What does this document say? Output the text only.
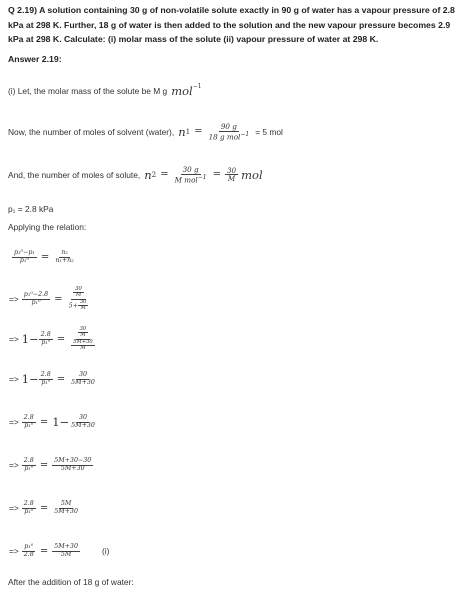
Q 2.19) A solution containing 30 g of non-volatile solute exactly in 90 g of water has a vapour pressure of 2.8 kPa at 298 K. Further, 18 g of water is then added to the solution and the new vapour pressure becomes 2.9 kPa at 298 K. Calculate: (i) molar mass of the solute (ii) vapour pressure of water at 298 K.
Answer 2.19:
(i) Let, the molar mass of the solute be M g mol$^{-1}$
Now, the number of moles of solvent (water), n $1 = \frac{90 g}{18 g mol^{-1}} = 5$ mol
And, the number of moles of solute, n $2 = \frac{30 g}{M mol^{-1}} = \frac{30}{M}$ mol
p₁ = 2.8 kPa
Applying the relation:
$\frac{\text{p₁⁰−p₁}}{\text{p₁⁰}} = \frac{\text{n₂}}{\text{n₁+n₂}}$
=> $\frac{\text{p₁⁰−2.8}}{\text{p₁⁰}} = \frac{\frac{30}{M}}{5+ \frac{30}{M}}$
=> $1- \frac{2.8}{\text{p₁⁰}} = \frac{\frac{30}{M}}{\frac{5M+30}{M}}$
=> $1- \frac{2.8}{\text{p₁⁰}} = \frac{30}{5M+30}$
=> $\frac{2.8}{\text{p₁⁰}} = 1- \frac{30}{5M+30}$
=> $\frac{2.8}{\text{p₁⁰}} = \frac{5M+30-30}{5M+30}$
=> $\frac{2.8}{\text{p₁⁰}} = \frac{5M}{5M+30}$
=> $\frac{\text{p₁⁰}}{2.8} = \frac{5M+30}{5M}$	(i)
After the addition of 18 g of water:
